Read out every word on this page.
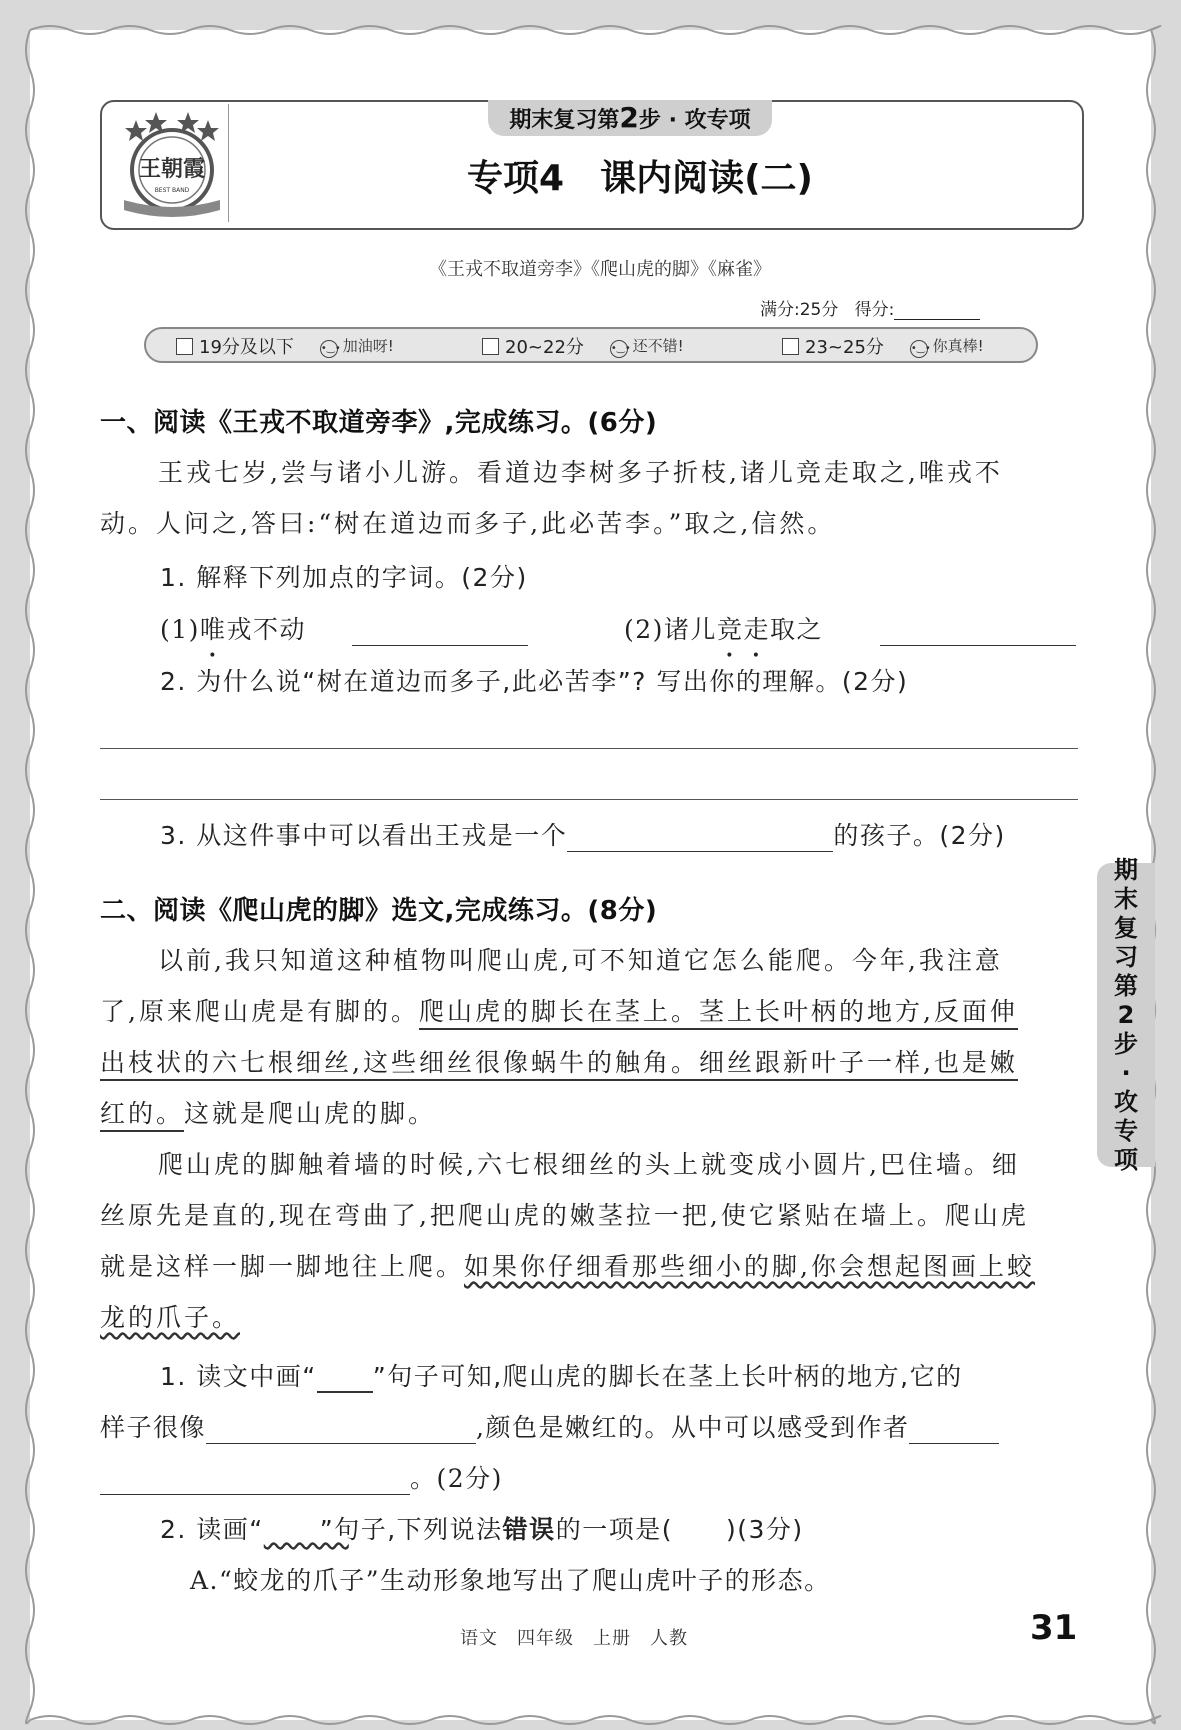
王朝霞
BEST BAND
期末复习第2步 · 攻专项
专项4　课内阅读(二)
《王戎不取道旁李》《爬山虎的脚》《麻雀》
满分:25分 得分:
19分及以下	•‿• 加油呀!	20~22分	•‿• 还不错!	23~25分	•‿• 你真棒!
一、阅读《王戎不取道旁李》,完成练习。(6分)
王戎七岁,尝与诸小儿游。看道边李树多子折枝,诸儿竞走取之,唯戎不
动。人问之,答曰:“树在道边而多子,此必苦李。”取之,信然。
1. 解释下列加点的字词。(2分)
(1)唯戎不动	(2)诸儿竞走取之
2. 为什么说“树在道边而多子,此必苦李”? 写出你的理解。(2分)
3. 从这件事中可以看出王戎是一个	的孩子。(2分)
二、阅读《爬山虎的脚》选文,完成练习。(8分)
以前,我只知道这种植物叫爬山虎,可不知道它怎么能爬。今年,我注意
了,原来爬山虎是有脚的。爬山虎的脚长在茎上。茎上长叶柄的地方,反面伸
出枝状的六七根细丝,这些细丝很像蜗牛的触角。细丝跟新叶子一样,也是嫩
红的。这就是爬山虎的脚。
爬山虎的脚触着墙的时候,六七根细丝的头上就变成小圆片,巴住墙。细
丝原先是直的,现在弯曲了,把爬山虎的嫩茎拉一把,使它紧贴在墙上。爬山虎
就是这样一脚一脚地往上爬。如果你仔细看那些细小的脚,你会想起图画上蛟
龙的爪子。
1. 读文中画“ ”句子可知,爬山虎的脚长在茎上长叶柄的地方,它的
样子很像	,颜色是嫩红的。从中可以感受到作者
。(2分)
2. 读画“ ”句子,下列说法错误的一项是(　　)(3分)
A.“蛟龙的爪子”生动形象地写出了爬山虎叶子的形态。
期
末
复
习
第
2
步
·
攻
专
项
语文　四年级　上册　人教	31
